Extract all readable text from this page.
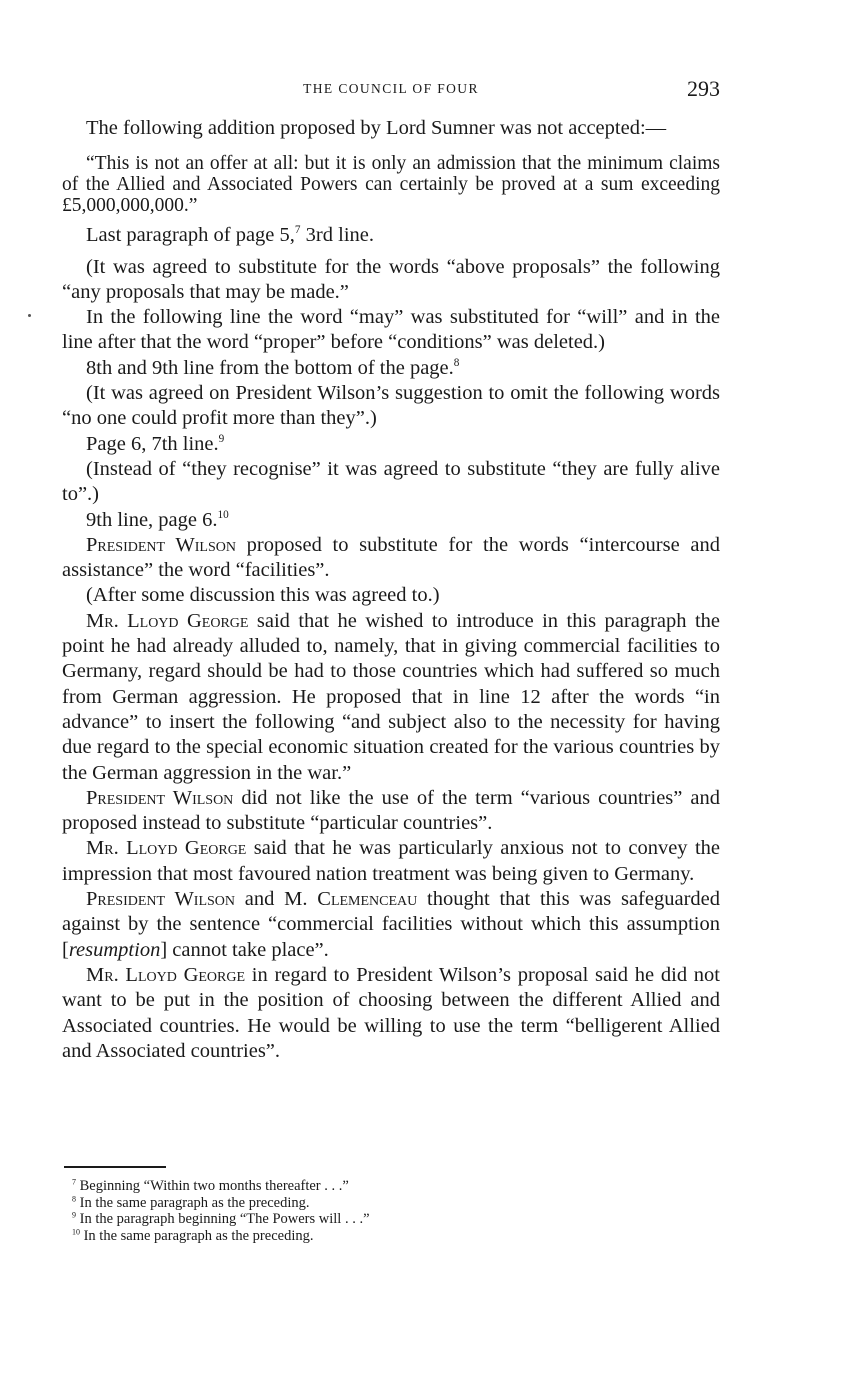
THE COUNCIL OF FOUR	293

The following addition proposed by Lord Sumner was not accepted:—

“This is not an offer at all: but it is only an admission that the minimum claims of the Allied and Associated Powers can certainly be proved at a sum exceeding £5,000,000,000.”

Last paragraph of page 5,$^7$ 3rd line.

(It was agreed to substitute for the words “above proposals” the following “any proposals that may be made.”

In the following line the word “may” was substituted for “will” and in the line after that the word “proper” before “conditions” was deleted.)

8th and 9th line from the bottom of the page.$^8$

(It was agreed on President Wilson’s suggestion to omit the following words “no one could profit more than they”.)

Page 6, 7th line.$^9$

(Instead of “they recognise” it was agreed to substitute “they are fully alive to”.)

9th line, page 6.10

President Wilson proposed to substitute for the words “intercourse and assistance” the word “facilities”.

(After some discussion this was agreed to.)

Mr. Lloyd George said that he wished to introduce in this paragraph the point he had already alluded to, namely, that in giving commercial facilities to Germany, regard should be had to those countries which had suffered so much from German aggression. He proposed that in line 12 after the words “in advance” to insert the following “and subject also to the necessity for having due regard to the special economic situation created for the various countries by the German aggression in the war.”

President Wilson did not like the use of the term “various countries” and proposed instead to substitute “particular countries”.

Mr. Lloyd George said that he was particularly anxious not to convey the impression that most favoured nation treatment was being given to Germany.

President Wilson and M. Clemenceau thought that this was safeguarded against by the sentence “commercial facilities without which this assumption [resumption] cannot take place”.

Mr. Lloyd George in regard to President Wilson’s proposal said he did not want to be put in the position of choosing between the different Allied and Associated countries. He would be willing to use the term “belligerent Allied and Associated countries”.

$^7$ Beginning “Within two months thereafter . . .”
$^8$ In the same paragraph as the preceding.
$^9$ In the paragraph beginning “The Powers will . . .”
$^{10}$ In the same paragraph as the preceding.
